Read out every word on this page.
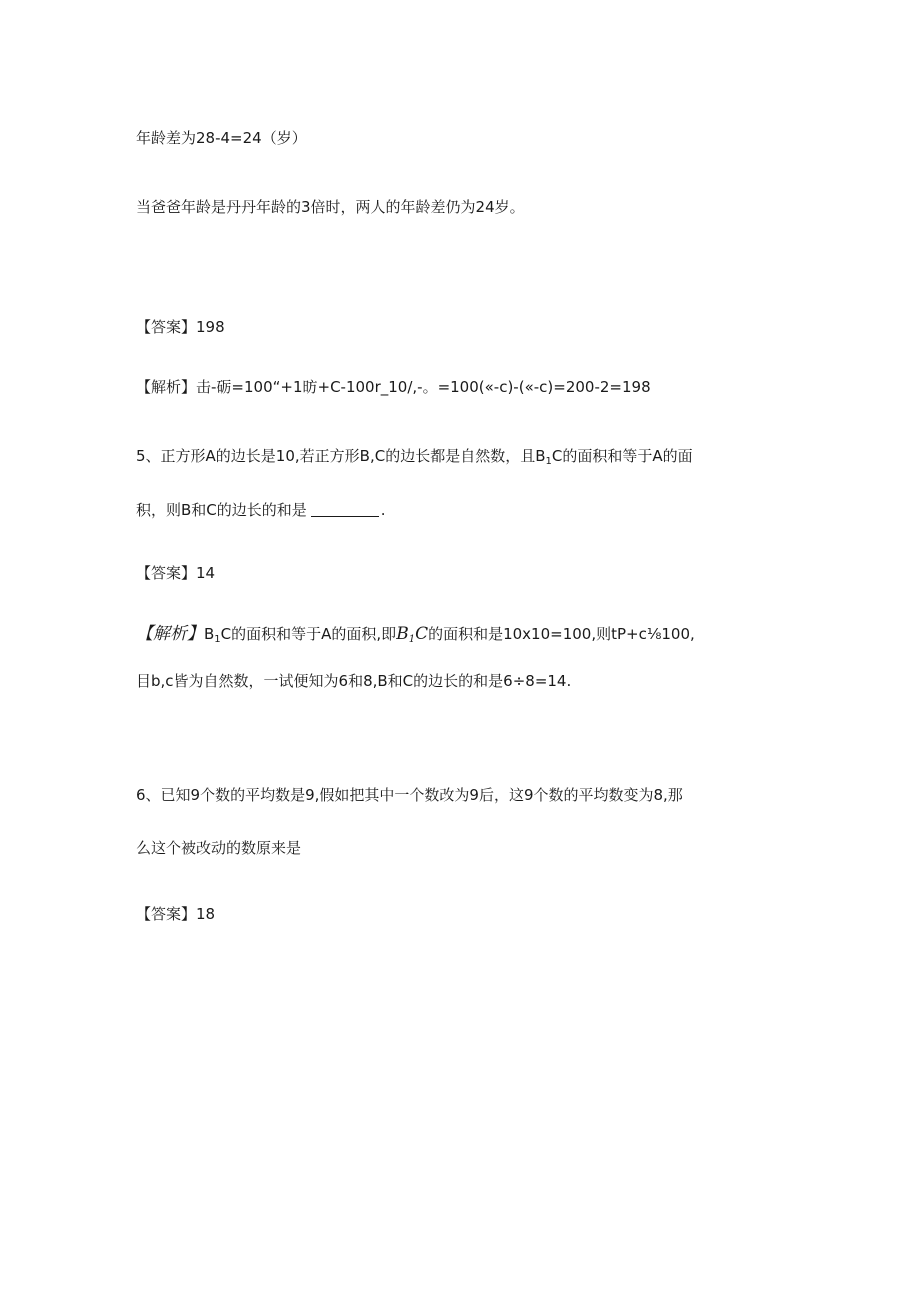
年龄差为28-4=24（岁）
当爸爸年龄是丹丹年龄的3倍时，两人的年龄差仍为24岁。
【答案】198
【解析】击-砺=100“+1昉+C-100r_10/,-。=100(«-c)-(«-c)=200-2=198
5、正方形A的边长是10,若正方形B,C的边长都是自然数，且$B_1C$的面积和等于A的面
积，则B和C的边长的和是	.
【答案】14
【解析】$B_1C$的面积和等于A的面积,即$B_1C$的面积和是10x10=100,则tP+c⅛100,
目b,c皆为自然数，一试便知为6和8,B和C的边长的和是6÷8=14.
6、已知9个数的平均数是9,假如把其中一个数改为9后，这9个数的平均数变为8,那
么这个被改动的数原来是
【答案】18
